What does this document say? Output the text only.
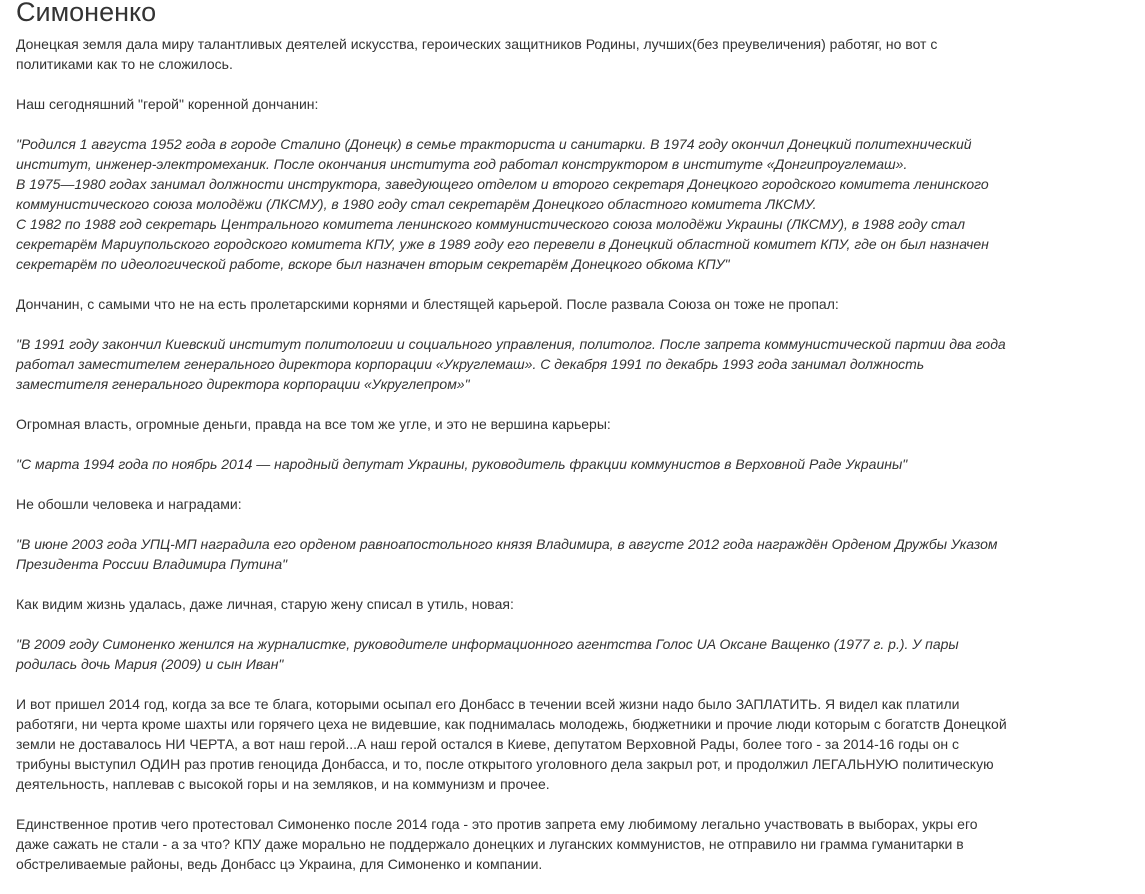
Симоненко

Донецкая земля дала миру талантливых деятелей искусства, героических защитников Родины, лучших(без преувеличения) работяг, но вот с политиками как то не сложилось.

Наш сегодняшний "герой" коренной дончанин:

"Родился 1 августа 1952 года в городе Сталино (Донецк) в семье тракториста и санитарки. В 1974 году окончил Донецкий политехнический институт, инженер-электромеханик. После окончания института год работал конструктором в институте «Донгипроуглемаш».
В 1975—1980 годах занимал должности инструктора, заведующего отделом и второго секретаря Донецкого городского комитета ленинского коммунистического союза молодёжи (ЛКСМУ), в 1980 году стал секретарём Донецкого областного комитета ЛКСМУ.
С 1982 по 1988 год секретарь Центрального комитета ленинского коммунистического союза молодёжи Украины (ЛКСМУ), в 1988 году стал секретарём Мариупольского городского комитета КПУ, уже в 1989 году его перевели в Донецкий областной комитет КПУ, где он был назначен секретарём по идеологической работе, вскоре был назначен вторым секретарём Донецкого обкома КПУ"

Дончанин, с самыми что не на есть пролетарскими корнями и блестящей карьерой. После развала Союза он тоже не пропал:

"В 1991 году закончил Киевский институт политологии и социального управления, политолог. После запрета коммунистической партии два года работал заместителем генерального директора корпорации «Укруглемаш». С декабря 1991 по декабрь 1993 года занимал должность заместителя генерального директора корпорации «Укруглепром»"

Огромная власть, огромные деньги, правда на все том же угле, и это не вершина карьеры:

"С марта 1994 года по ноябрь 2014 — народный депутат Украины, руководитель фракции коммунистов в Верховной Раде Украины"

Не обошли человека и наградами:

"В июне 2003 года УПЦ-МП наградила его орденом равноапостольного князя Владимира, в августе 2012 года награждён Орденом Дружбы Указом Президента России Владимира Путина"

Как видим жизнь удалась, даже личная, старую жену списал в утиль, новая:

"В 2009 году Симоненко женился на журналистке, руководителе информационного агентства Голос UA Оксане Ващенко (1977 г. р.). У пары родилась дочь Мария (2009) и сын Иван"

И вот пришел 2014 год, когда за все те блага, которыми осыпал его Донбасс в течении всей жизни надо было ЗАПЛАТИТЬ. Я видел как платили работяги, ни черта кроме шахты или горячего цеха не видевшие, как поднималась молодежь, бюджетники и прочие люди которым с богатств Донецкой земли не доставалось НИ ЧЕРТА, а вот наш герой...А наш герой остался в Киеве, депутатом Верховной Рады, более того - за 2014-16 годы он с трибуны выступил ОДИН раз против геноцида Донбасса, и то, после открытого уголовного дела закрыл рот, и продолжил ЛЕГАЛЬНУЮ политическую деятельность, наплевав с высокой горы и на земляков, и на коммунизм и прочее.

Единственное против чего протестовал Симоненко после 2014 года - это против запрета ему любимому легально участвовать в выборах, укры его даже сажать не стали - а за что? КПУ даже морально не поддержало донецких и луганских коммунистов, не отправило ни грамма гуманитарки в обстреливаемые районы, ведь Донбасс цэ Украина, для Симоненко и компании.
